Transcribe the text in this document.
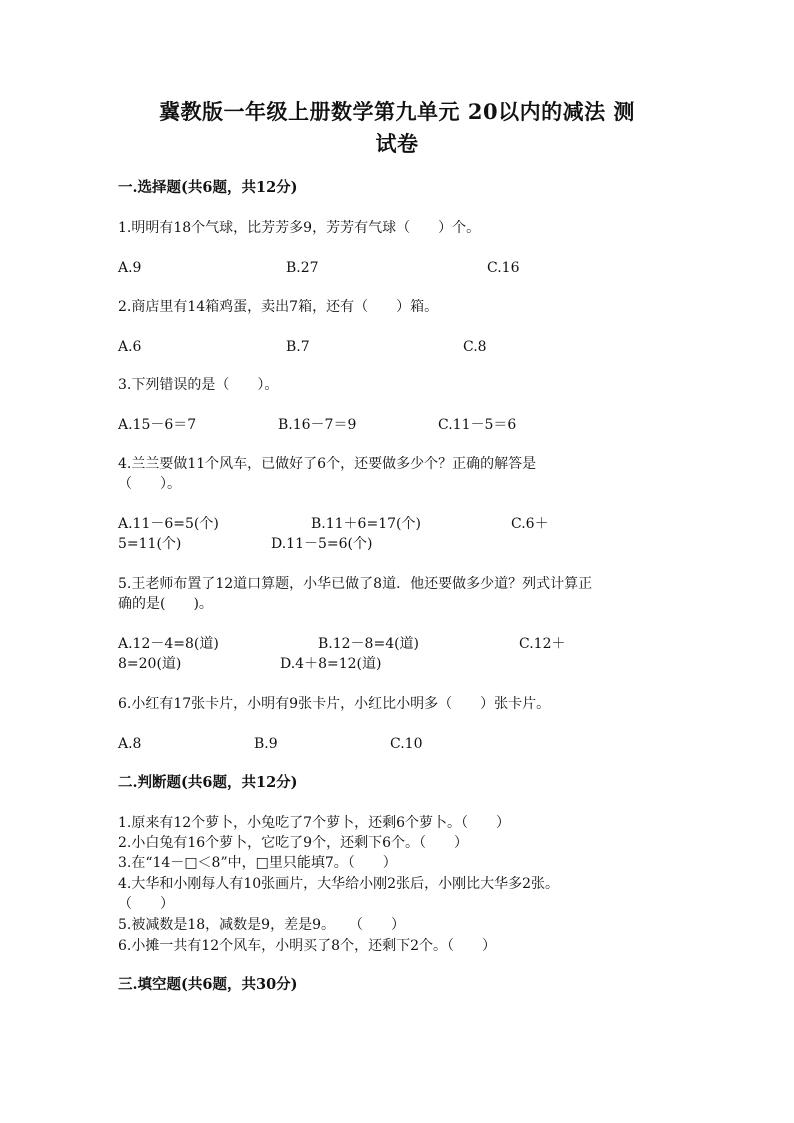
冀教版一年级上册数学第九单元 20以内的减法 测
试卷
一.选择题(共6题，共12分)
1.明明有18个气球，比芳芳多9，芳芳有气球（　　）个。
A.9	B.27	C.16
2.商店里有14箱鸡蛋，卖出7箱，还有（　　）箱。
A.6	B.7	C.8
3.下列错误的是（　　）。
A.15－6＝7	B.16－7＝9	C.11－5＝6
4.兰兰要做11个风车，已做好了6个，还要做多少个？正确的解答是
（　　）。
A.11－6=5(个)	B.11＋6=17(个)	C.6＋
5=11(个)	D.11－5=6(个)
5.王老师布置了12道口算题，小华已做了8道．他还要做多少道？列式计算正
确的是(　　)。
A.12－4=8(道)	B.12－8=4(道)	C.12＋
8=20(道)	D.4＋8=12(道)
6.小红有17张卡片，小明有9张卡片，小红比小明多（　　）张卡片。
A.8	B.9	C.10
二.判断题(共6题，共12分)
1.原来有12个萝卜，小兔吃了7个萝卜，还剩6个萝卜。（　　）
2.小白兔有16个萝卜，它吃了9个，还剩下6个。（　　）
3.在“14－□＜8”中，□里只能填7。（　　）
4.大华和小刚每人有10张画片，大华给小刚2张后，小刚比大华多2张。
（　　）
5.被减数是18，减数是9，差是9。　　（　　）
6.小摊一共有12个风车，小明买了8个，还剩下2个。（　　）
三.填空题(共6题，共30分)
